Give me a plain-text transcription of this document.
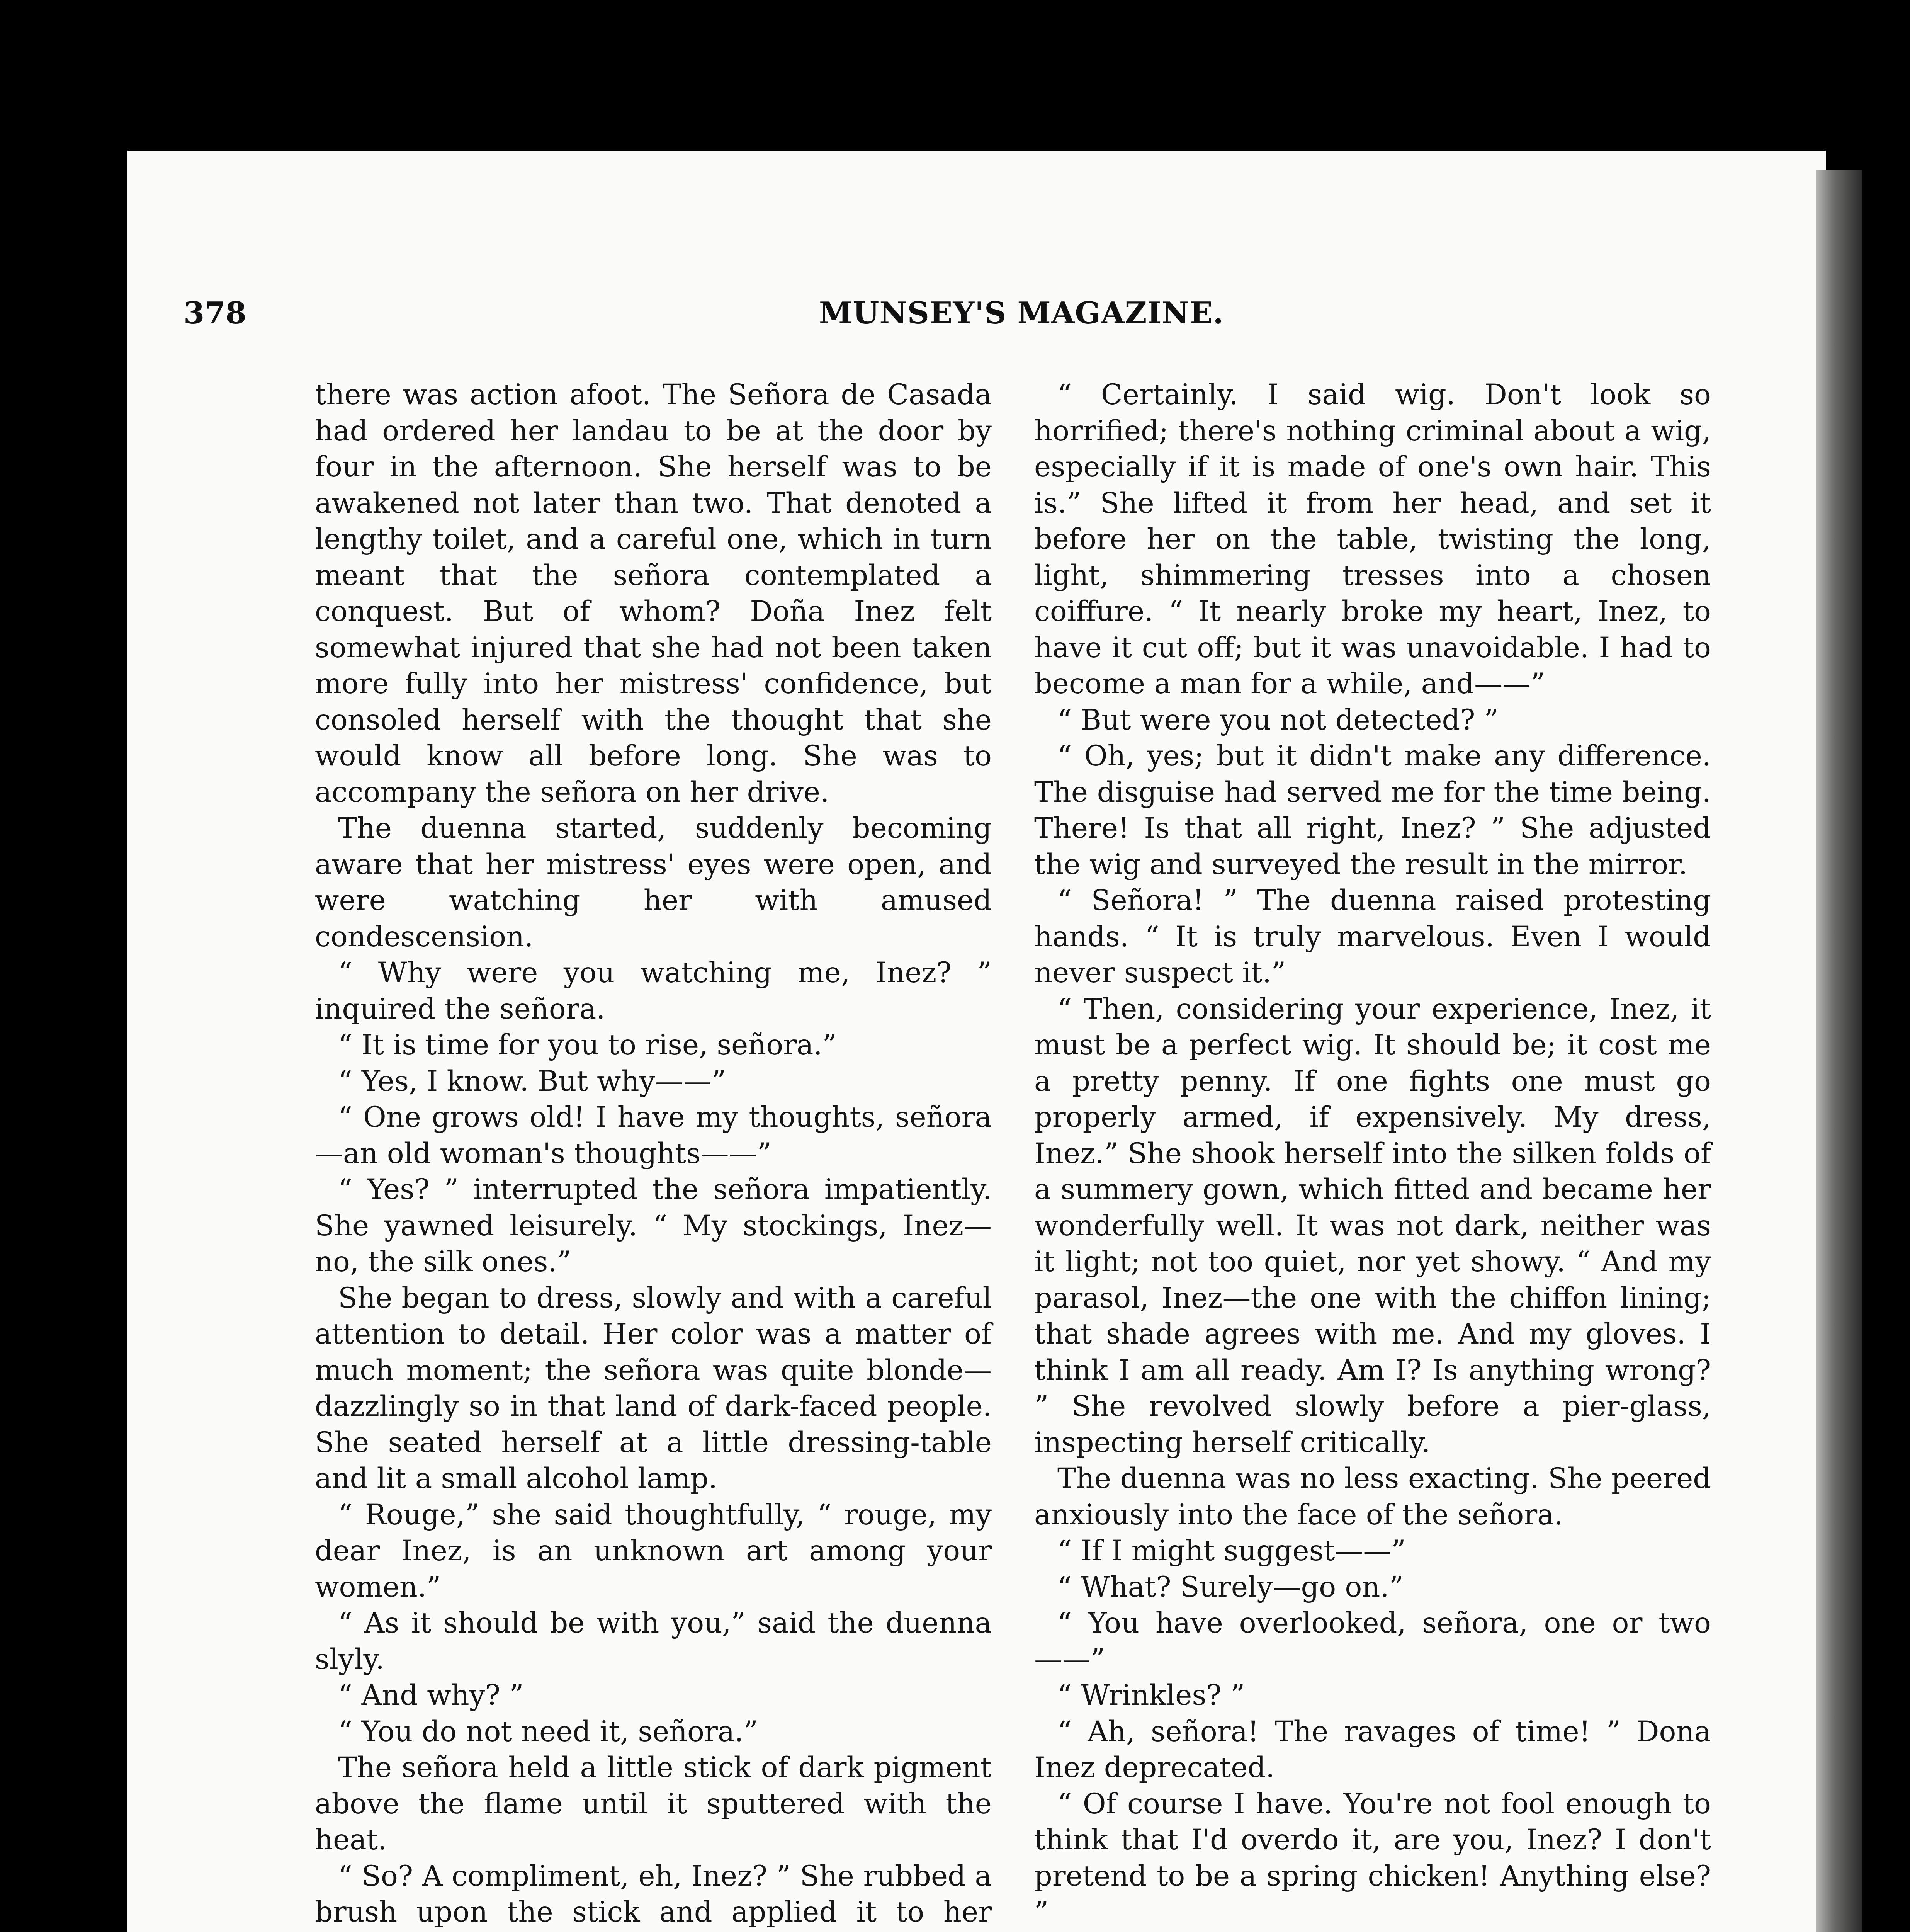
378	MUNSEY'S MAGAZINE.

there was action afoot. The Señora de Casada had ordered her landau to be at the door by four in the afternoon. She herself was to be awakened not later than two. That denoted a lengthy toilet, and a careful one, which in turn meant that the señora contemplated a conquest. But of whom? Doña Inez felt somewhat injured that she had not been taken more fully into her mistress' confidence, but consoled herself with the thought that she would know all before long. She was to accompany the señora on her drive.

The duenna started, suddenly becoming aware that her mistress' eyes were open, and were watching her with amused condescension.

“ Why were you watching me, Inez? ” inquired the señora.

“ It is time for you to rise, señora.”

“ Yes, I know. But why——”

“ One grows old! I have my thoughts, señora—an old woman's thoughts——”

“ Yes? ” interrupted the señora impatiently. She yawned leisurely. “ My stockings, Inez—no, the silk ones.”

She began to dress, slowly and with a careful attention to detail. Her color was a matter of much moment; the señora was quite blonde—dazzlingly so in that land of dark-faced people. She seated herself at a little dressing-table and lit a small alcohol lamp.

“ Rouge,” she said thoughtfully, “ rouge, my dear Inez, is an unknown art among your women.”

“ As it should be with you,” said the duenna slyly.

“ And why? ”

“ You do not need it, señora.”

The señora held a little stick of dark pigment above the flame until it sputtered with the heat.

“ So? A compliment, eh, Inez? ” She rubbed a brush upon the stick and applied it to her

“ Certainly. I said wig. Don't look so horrified; there's nothing criminal about a wig, especially if it is made of one's own hair. This is.” She lifted it from her head, and set it before her on the table, twisting the long, light, shimmering tresses into a chosen coiffure. “ It nearly broke my heart, Inez, to have it cut off; but it was unavoidable. I had to become a man for a while, and——”

“ But were you not detected? ”

“ Oh, yes; but it didn't make any difference. The disguise had served me for the time being. There! Is that all right, Inez? ” She adjusted the wig and surveyed the result in the mirror.

“ Señora! ” The duenna raised protesting hands. “ It is truly marvelous. Even I would never suspect it.”

“ Then, considering your experience, Inez, it must be a perfect wig. It should be; it cost me a pretty penny. If one fights one must go properly armed, if expensively. My dress, Inez.” She shook herself into the silken folds of a summery gown, which fitted and became her wonderfully well. It was not dark, neither was it light; not too quiet, nor yet showy. “ And my parasol, Inez—the one with the chiffon lining; that shade agrees with me. And my gloves. I think I am all ready. Am I? Is anything wrong? ” She revolved slowly before a pier-glass, inspecting herself critically.

The duenna was no less exacting. She peered anxiously into the face of the señora.

“ If I might suggest——”

“ What? Surely—go on.”

“ You have overlooked, señora, one or two——”

“ Wrinkles? ”

“ Ah, señora! The ravages of time! ” Dona Inez deprecated.

“ Of course I have. You're not fool enough to think that I'd overdo it, are you, Inez? I don't pretend to be a spring chicken! Anything else? ”
